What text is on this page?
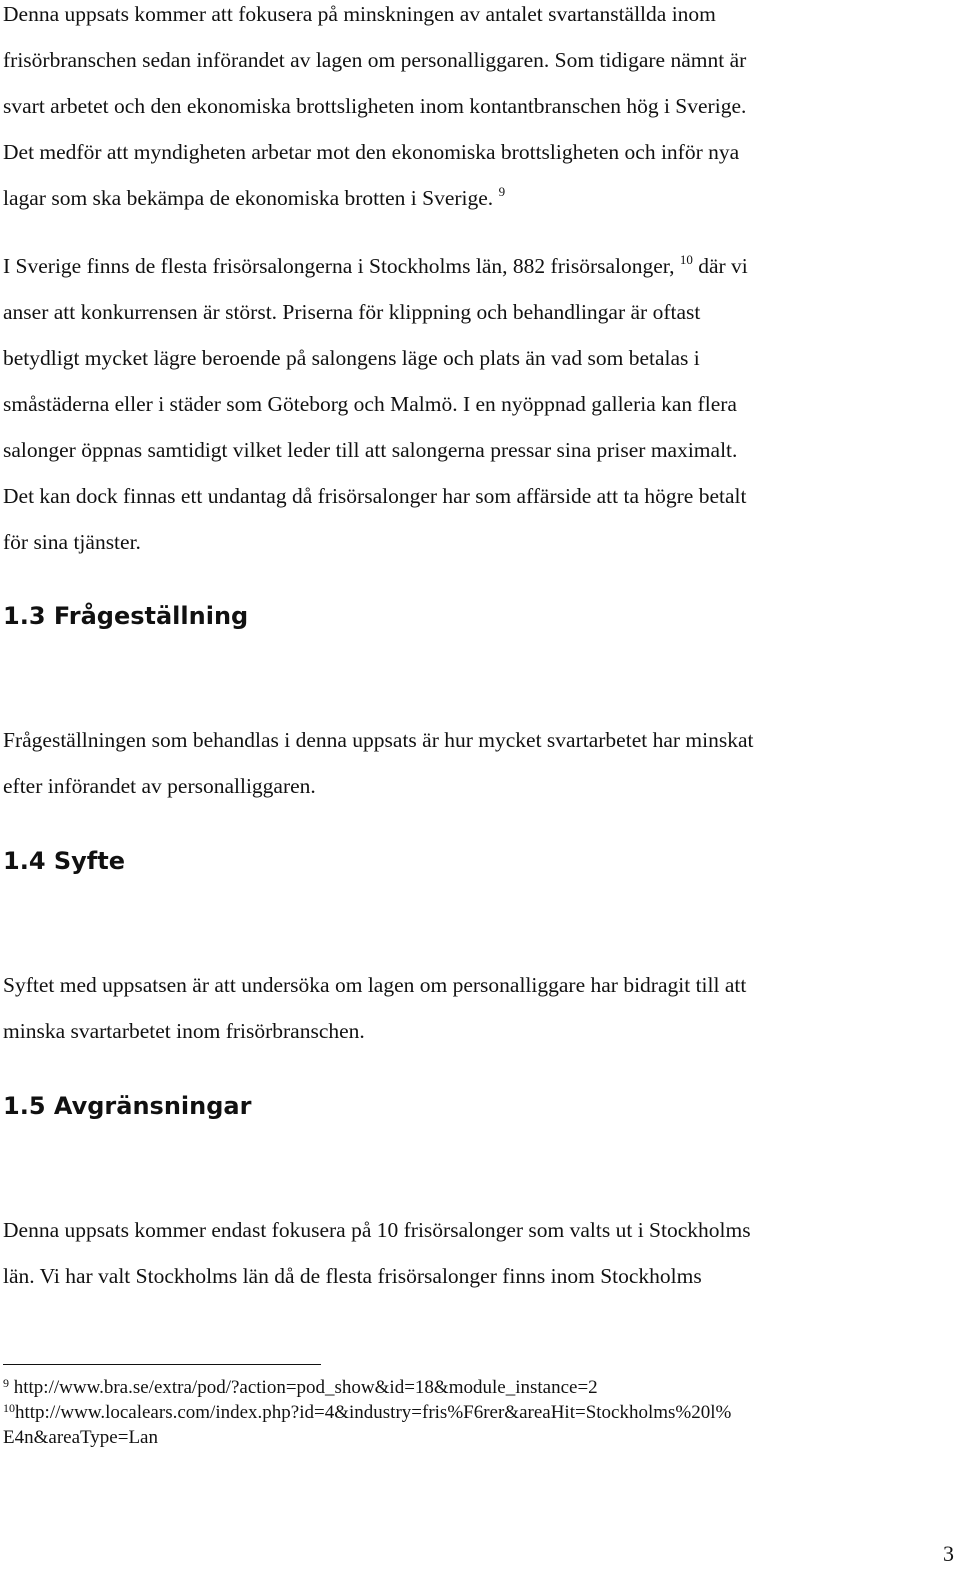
Denna uppsats kommer att fokusera på minskningen av antalet svartanställda inom
frisörbranschen sedan införandet av lagen om personalliggaren. Som tidigare nämnt är
svart arbetet och den ekonomiska brottsligheten inom kontantbranschen hög i Sverige.
Det medför att myndigheten arbetar mot den ekonomiska brottsligheten och inför nya
lagar som ska bekämpa de ekonomiska brotten i Sverige. $^9$
I Sverige finns de flesta frisörsalongerna i Stockholms län, 882 frisörsalonger, $^{10}$ där vi
anser att konkurrensen är störst. Priserna för klippning och behandlingar är oftast
betydligt mycket lägre beroende på salongens läge och plats än vad som betalas i
småstäderna eller i städer som Göteborg och Malmö. I en nyöppnad galleria kan flera
salonger öppnas samtidigt vilket leder till att salongerna pressar sina priser maximalt.
Det kan dock finnas ett undantag då frisörsalonger har som affärside att ta högre betalt
för sina tjänster.
1.3 Frågeställning
Frågeställningen som behandlas i denna uppsats är hur mycket svartarbetet har minskat
efter införandet av personalliggaren.
1.4 Syfte
Syftet med uppsatsen är att undersöka om lagen om personalliggare har bidragit till att
minska svartarbetet inom frisörbranschen.
1.5 Avgränsningar
Denna uppsats kommer endast fokusera på 10 frisörsalonger som valts ut i Stockholms
län. Vi har valt Stockholms län då de flesta frisörsalonger finns inom Stockholms
$^9$ http://www.bra.se/extra/pod/?action=pod_show&id=18&module_instance=2
$^{10}$http://www.localears.com/index.php?id=4&industry=fris%F6rer&areaHit=Stockholms%20l%
E4n&areaType=Lan
3
